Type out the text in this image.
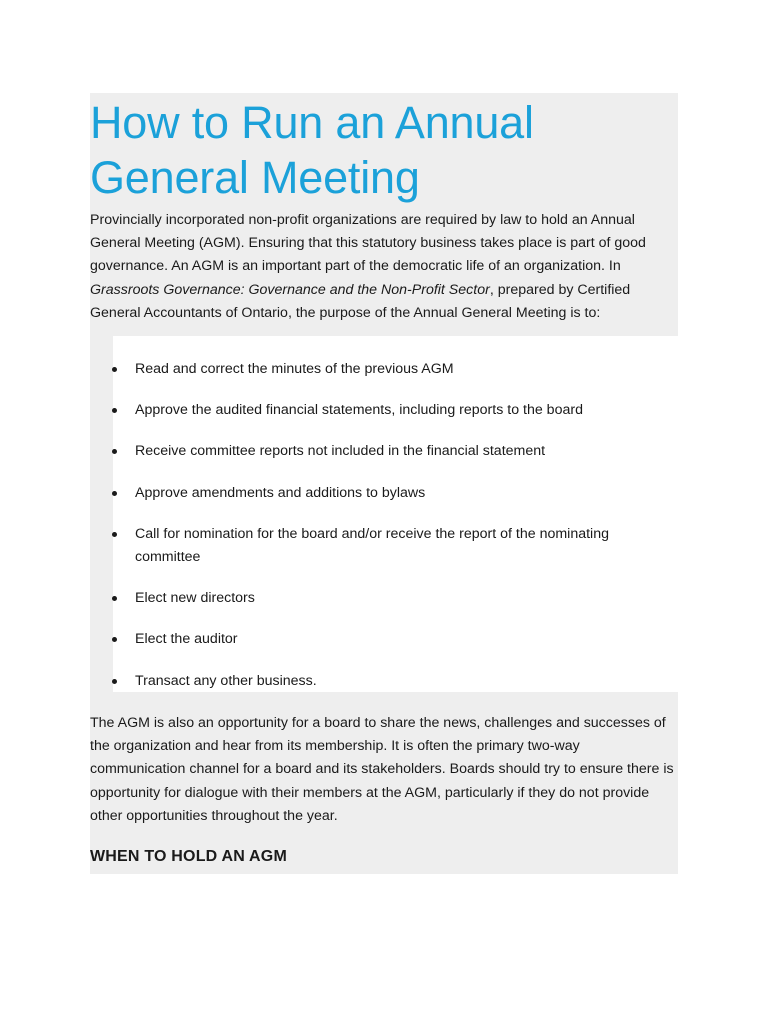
How to Run an Annual General Meeting

Provincially incorporated non-profit organizations are required by law to hold an Annual General Meeting (AGM). Ensuring that this statutory business takes place is part of good governance. An AGM is an important part of the democratic life of an organization. In Grassroots Governance: Governance and the Non-Profit Sector, prepared by Certified General Accountants of Ontario, the purpose of the Annual General Meeting is to:

Read and correct the minutes of the previous AGM
Approve the audited financial statements, including reports to the board
Receive committee reports not included in the financial statement
Approve amendments and additions to bylaws
Call for nomination for the board and/or receive the report of the nominating committee
Elect new directors
Elect the auditor
Transact any other business.

The AGM is also an opportunity for a board to share the news, challenges and successes of the organization and hear from its membership. It is often the primary two-way communication channel for a board and its stakeholders. Boards should try to ensure there is opportunity for dialogue with their members at the AGM, particularly if they do not provide other opportunities throughout the year.

WHEN TO HOLD AN AGM
